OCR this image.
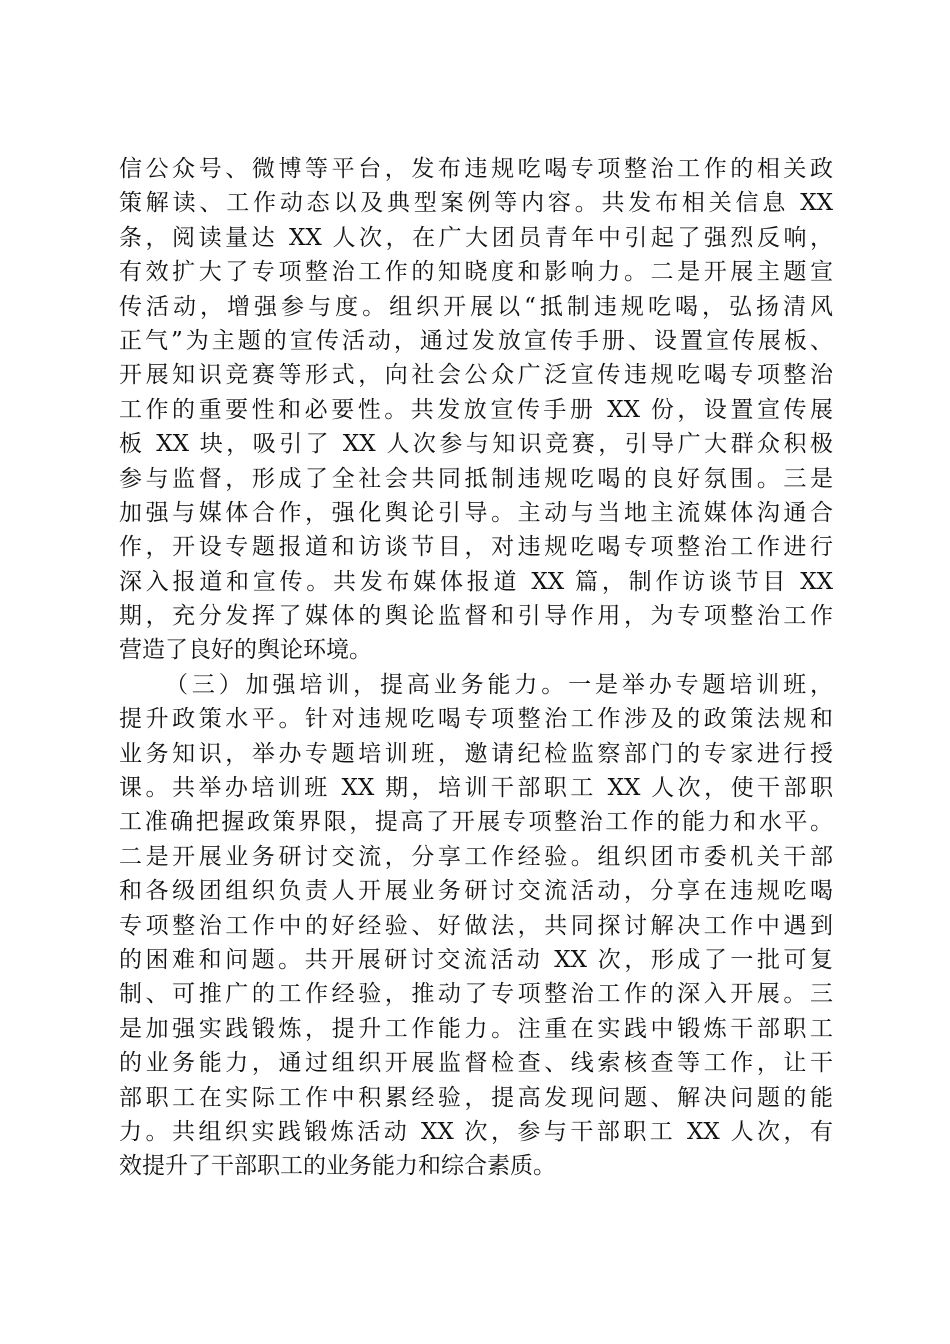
信公众号、微博等平台，发布违规吃喝专项整治工作的相关政
策解读、工作动态以及典型案例等内容。共发布相关信息 XX
条，阅读量达 XX 人次，在广大团员青年中引起了强烈反响，
有效扩大了专项整治工作的知晓度和影响力。二是开展主题宣
传活动，增强参与度。组织开展以“抵制违规吃喝，弘扬清风
正气”为主题的宣传活动，通过发放宣传手册、设置宣传展板、
开展知识竞赛等形式，向社会公众广泛宣传违规吃喝专项整治
工作的重要性和必要性。共发放宣传手册 XX 份，设置宣传展
板 XX 块，吸引了 XX 人次参与知识竞赛，引导广大群众积极
参与监督，形成了全社会共同抵制违规吃喝的良好氛围。三是
加强与媒体合作，强化舆论引导。主动与当地主流媒体沟通合
作，开设专题报道和访谈节目，对违规吃喝专项整治工作进行
深入报道和宣传。共发布媒体报道 XX 篇，制作访谈节目 XX
期，充分发挥了媒体的舆论监督和引导作用，为专项整治工作
营造了良好的舆论环境。
（三）加强培训，提高业务能力。一是举办专题培训班，
提升政策水平。针对违规吃喝专项整治工作涉及的政策法规和
业务知识，举办专题培训班，邀请纪检监察部门的专家进行授
课。共举办培训班 XX 期，培训干部职工 XX 人次，使干部职
工准确把握政策界限，提高了开展专项整治工作的能力和水平。
二是开展业务研讨交流，分享工作经验。组织团市委机关干部
和各级团组织负责人开展业务研讨交流活动，分享在违规吃喝
专项整治工作中的好经验、好做法，共同探讨解决工作中遇到
的困难和问题。共开展研讨交流活动 XX 次，形成了一批可复
制、可推广的工作经验，推动了专项整治工作的深入开展。三
是加强实践锻炼，提升工作能力。注重在实践中锻炼干部职工
的业务能力，通过组织开展监督检查、线索核查等工作，让干
部职工在实际工作中积累经验，提高发现问题、解决问题的能
力。共组织实践锻炼活动 XX 次，参与干部职工 XX 人次，有
效提升了干部职工的业务能力和综合素质。
